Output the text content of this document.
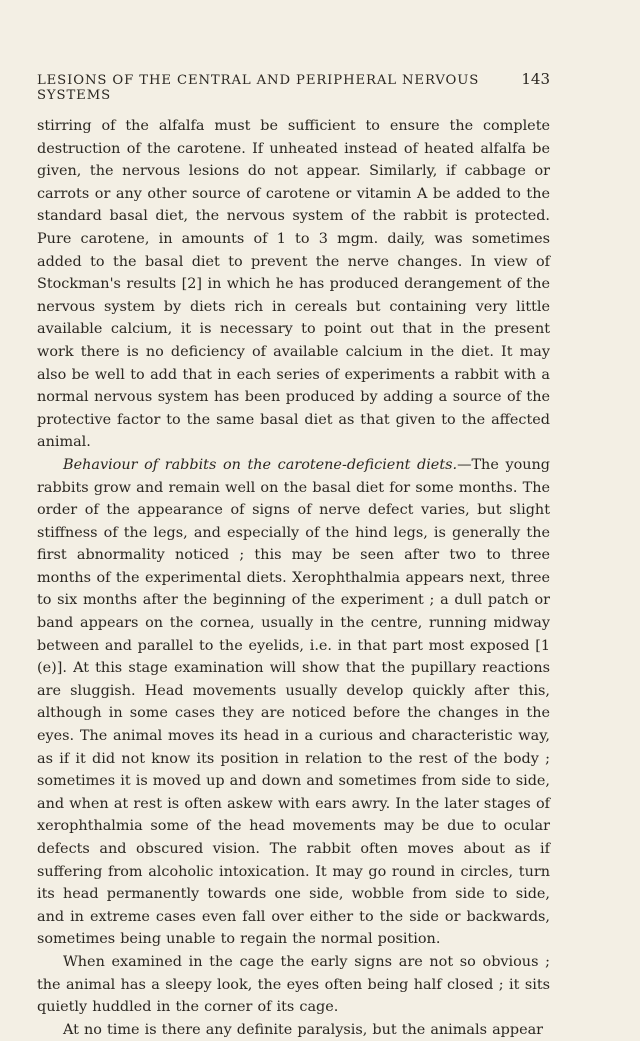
LESIONS OF THE CENTRAL AND PERIPHERAL NERVOUS SYSTEMS
143

stirring of the alfalfa must be sufficient to ensure the complete destruction of the carotene. If unheated instead of heated alfalfa be given, the nervous lesions do not appear. Similarly, if cabbage or carrots or any other source of carotene or vitamin A be added to the standard basal diet, the nervous system of the rabbit is protected. Pure carotene, in amounts of 1 to 3 mgm. daily, was sometimes added to the basal diet to prevent the nerve changes. In view of Stockman's results [2] in which he has produced derangement of the nervous system by diets rich in cereals but containing very little available calcium, it is necessary to point out that in the present work there is no deficiency of available calcium in the diet. It may also be well to add that in each series of experiments a rabbit with a normal nervous system has been produced by adding a source of the protective factor to the same basal diet as that given to the affected animal.

Behaviour of rabbits on the carotene-deficient diets.—The young rabbits grow and remain well on the basal diet for some months. The order of the appearance of signs of nerve defect varies, but slight stiffness of the legs, and especially of the hind legs, is generally the first abnormality noticed ; this may be seen after two to three months of the experimental diets. Xerophthalmia appears next, three to six months after the beginning of the experiment ; a dull patch or band appears on the cornea, usually in the centre, running midway between and parallel to the eyelids, i.e. in that part most exposed [1 (e)]. At this stage examination will show that the pupillary reactions are sluggish. Head movements usually develop quickly after this, although in some cases they are noticed before the changes in the eyes. The animal moves its head in a curious and characteristic way, as if it did not know its position in relation to the rest of the body ; sometimes it is moved up and down and sometimes from side to side, and when at rest is often askew with ears awry. In the later stages of xerophthalmia some of the head movements may be due to ocular defects and obscured vision. The rabbit often moves about as if suffering from alcoholic intoxication. It may go round in circles, turn its head permanently towards one side, wobble from side to side, and in extreme cases even fall over either to the side or backwards, sometimes being unable to regain the normal position.

When examined in the cage the early signs are not so obvious ; the animal has a sleepy look, the eyes often being half closed ; it sits quietly huddled in the corner of its cage.

At no time is there any definite paralysis, but the animals appear
